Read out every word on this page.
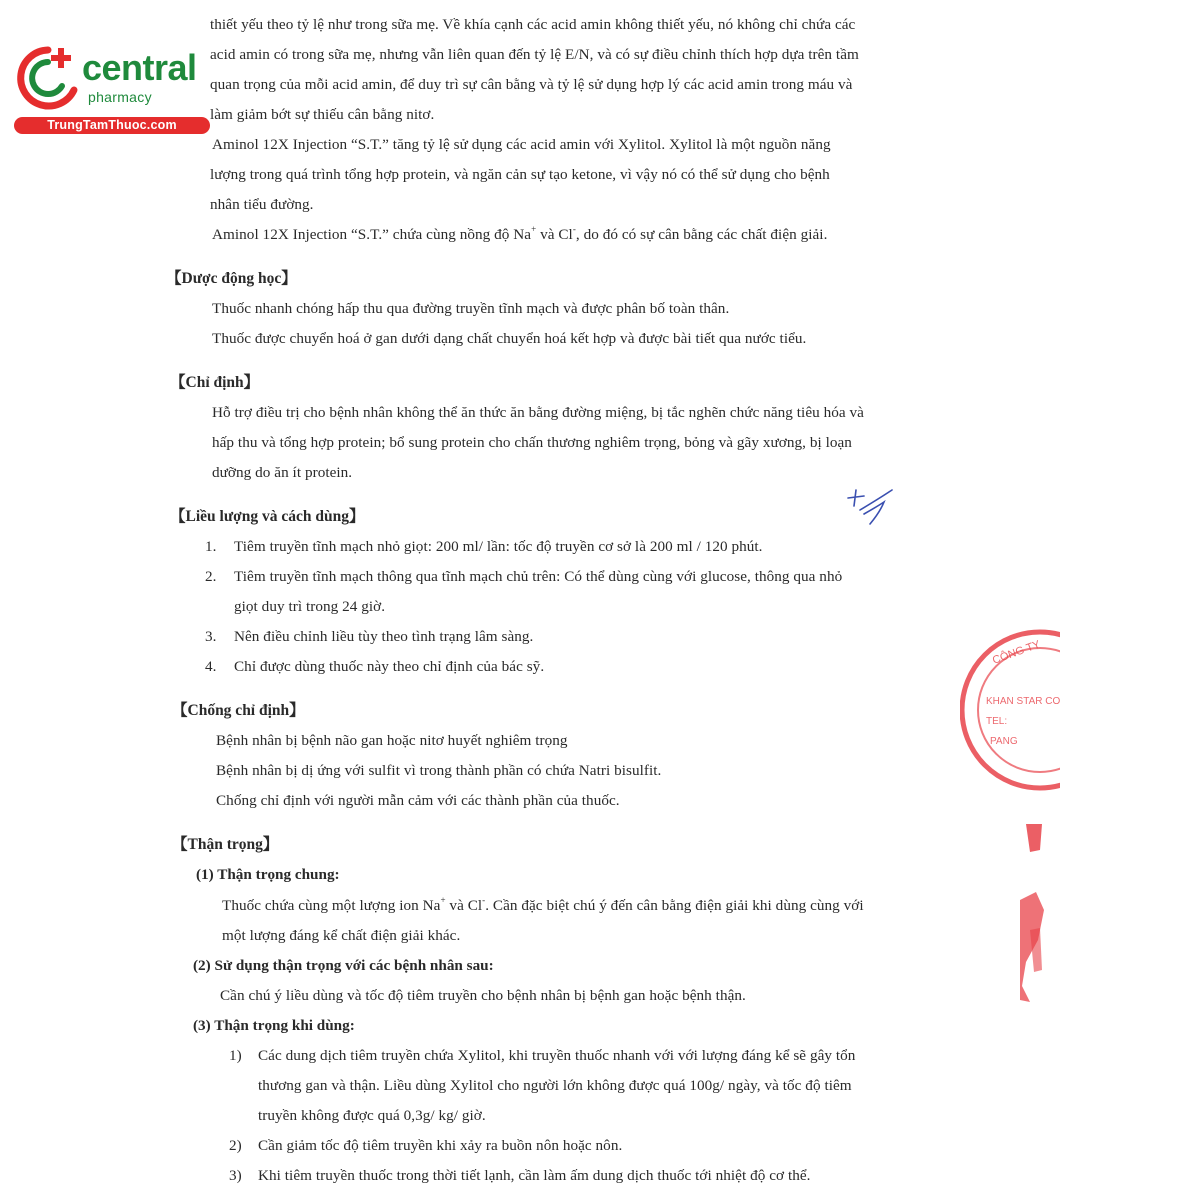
central
pharmacy
TrungTamThuoc.com
thiết yếu theo tỷ lệ như trong sữa mẹ. Về khía cạnh các acid amin không thiết yếu, nó không chỉ chứa các
acid amin có trong sữa mẹ, nhưng vẫn liên quan đến tỷ lệ E/N, và có sự điều chỉnh thích hợp dựa trên tầm
quan trọng của mỗi acid amin, để duy trì sự cân bằng và tỷ lệ sử dụng hợp lý các acid amin trong máu và
làm giảm bớt sự thiếu cân bằng nitơ.
Aminol 12X Injection “S.T.” tăng tỷ lệ sử dụng các acid amin với Xylitol. Xylitol là một nguồn năng
lượng trong quá trình tổng hợp protein, và ngăn cản sự tạo ketone, vì vậy nó có thể sử dụng cho bệnh
nhân tiểu đường.
Aminol 12X Injection “S.T.” chứa cùng nồng độ Na+ và Cl-, do đó có sự cân bằng các chất điện giải.
【Dược động học】
Thuốc nhanh chóng hấp thu qua đường truyền tĩnh mạch và được phân bố toàn thân.
Thuốc được chuyển hoá ở gan dưới dạng chất chuyển hoá kết hợp và được bài tiết qua nước tiểu.
【Chỉ định】
Hỗ trợ điều trị cho bệnh nhân không thể ăn thức ăn bằng đường miệng, bị tắc nghẽn chức năng tiêu hóa và
hấp thu và tổng hợp protein; bổ sung protein cho chấn thương nghiêm trọng, bỏng và gãy xương, bị loạn
dưỡng do ăn ít protein.
【Liều lượng và cách dùng】
1. Tiêm truyền tĩnh mạch nhỏ giọt: 200 ml/ lần: tốc độ truyền cơ sở là 200 ml / 120 phút.
2. Tiêm truyền tĩnh mạch thông qua tĩnh mạch chủ trên: Có thể dùng cùng với glucose, thông qua nhỏ
giọt duy trì trong 24 giờ.
3. Nên điều chỉnh liều tùy theo tình trạng lâm sàng.
4. Chỉ được dùng thuốc này theo chỉ định của bác sỹ.
【Chống chỉ định】
Bệnh nhân bị bệnh não gan hoặc nitơ huyết nghiêm trọng
Bệnh nhân bị dị ứng với sulfit vì trong thành phần có chứa Natri bisulfit.
Chống chỉ định với người mẫn cảm với các thành phần của thuốc.
【Thận trọng】
(1) Thận trọng chung:
Thuốc chứa cùng một lượng ion Na+ và Cl-. Cần đặc biệt chú ý đến cân bằng điện giải khi dùng cùng với
một lượng đáng kể chất điện giải khác.
(2) Sử dụng thận trọng với các bệnh nhân sau:
Cần chú ý liều dùng và tốc độ tiêm truyền cho bệnh nhân bị bệnh gan hoặc bệnh thận.
(3) Thận trọng khi dùng:
1) Các dung dịch tiêm truyền chứa Xylitol, khi truyền thuốc nhanh với với lượng đáng kể sẽ gây tổn
thương gan và thận. Liều dùng Xylitol cho người lớn không được quá 100g/ ngày, và tốc độ tiêm
truyền không được quá 0,3g/ kg/ giờ.
2) Cần giảm tốc độ tiêm truyền khi xảy ra buồn nôn hoặc nôn.
3) Khi tiêm truyền thuốc trong thời tiết lạnh, cần làm ấm dung dịch thuốc tới nhiệt độ cơ thể.
CÔNG TY
KHAN STAR CO
TEL:
PANG
